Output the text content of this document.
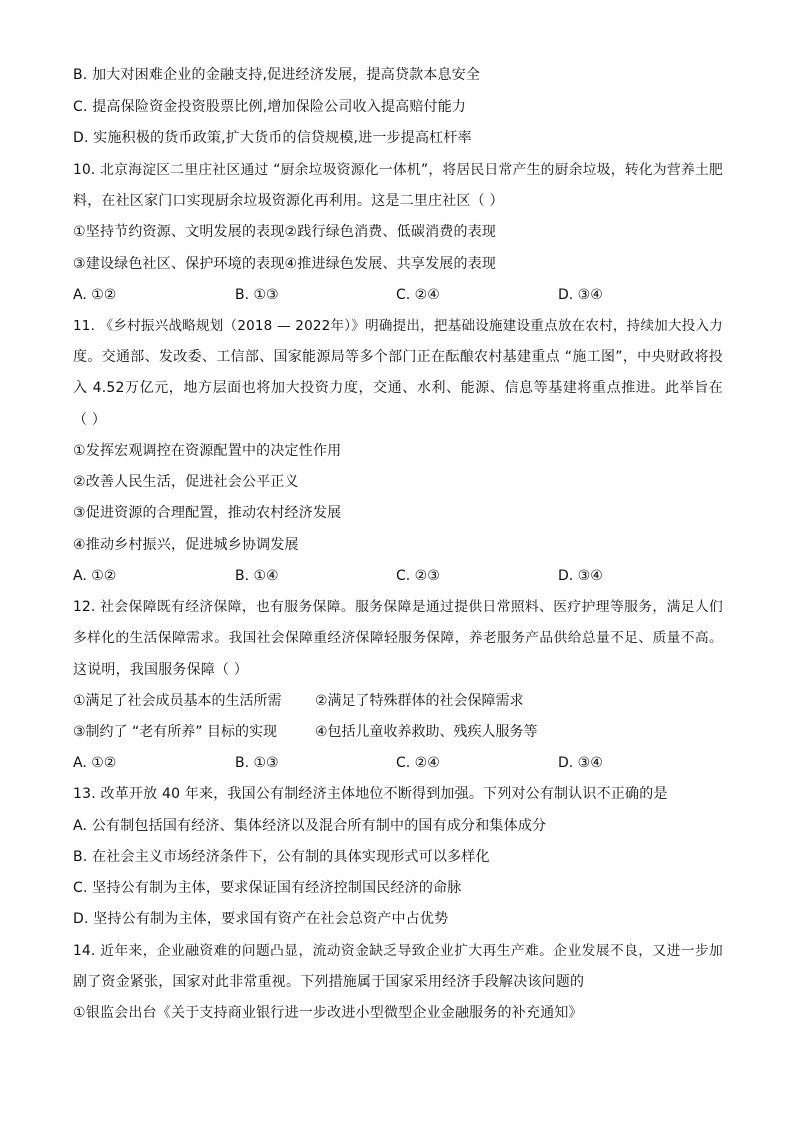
B. 加大对困难企业的金融支持,促进经济发展，提高贷款本息安全
C. 提高保险资金投资股票比例,增加保险公司收入提高赔付能力
D. 实施积极的货币政策,扩大货币的信贷规模,进一步提高杠杆率
10. 北京海淀区二里庄社区通过 “厨余垃圾资源化一体机”，将居民日常产生的厨余垃圾，转化为营养土肥
料，在社区家门口实现厨余垃圾资源化再利用。这是二里庄社区（ ）
①坚持节约资源、文明发展的表现②践行绿色消费、低碳消费的表现
③建设绿色社区、保护环境的表现④推进绿色发展、共享发展的表现
A. ①②	B. ①③	C. ②④	D. ③④
11. 《乡村振兴战略规划（2018 — 2022年）》明确提出，把基础设施建设重点放在农村，持续加大投入力
度。交通部、发改委、工信部、国家能源局等多个部门正在酝酿农村基建重点 “施工图”，中央财政将投
入 4.52万亿元，地方层面也将加大投资力度，交通、水利、能源、信息等基建将重点推进。此举旨在
（ ）
①发挥宏观调控在资源配置中的决定性作用
②改善人民生活，促进社会公平正义
③促进资源的合理配置，推动农村经济发展
④推动乡村振兴，促进城乡协调发展
A. ①②	B. ①④	C. ②③	D. ③④
12. 社会保障既有经济保障，也有服务保障。服务保障是通过提供日常照料、医疗护理等服务，满足人们
多样化的生活保障需求。我国社会保障重经济保障轻服务保障，养老服务产品供给总量不足、质量不高。
这说明，我国服务保障（ ）
①满足了社会成员基本的生活所需 ②满足了特殊群体的社会保障需求
③制约了 “老有所养” 目标的实现	④包括儿童收养救助、残疾人服务等
A. ①②	B. ①③	C. ②④	D. ③④
13. 改革开放 40 年来，我国公有制经济主体地位不断得到加强。下列对公有制认识不正确的是
A. 公有制包括国有经济、集体经济以及混合所有制中的国有成分和集体成分
B. 在社会主义市场经济条件下，公有制的具体实现形式可以多样化
C. 坚持公有制为主体，要求保证国有经济控制国民经济的命脉
D. 坚持公有制为主体，要求国有资产在社会总资产中占优势
14. 近年来，企业融资难的问题凸显，流动资金缺乏导致企业扩大再生产难。企业发展不良，又进一步加
剧了资金紧张，国家对此非常重视。下列措施属于国家采用经济手段解决该问题的
①银监会出台《关于支持商业银行进一步改进小型微型企业金融服务的补充通知》
